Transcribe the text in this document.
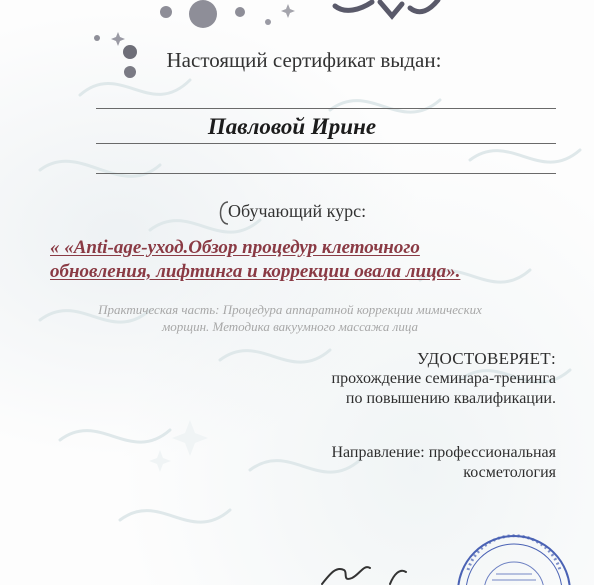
Настоящий сертификат выдан:
Павловой Ирине
Обучающий курс:
« «Anti-age-уход.Обзор процедур клеточного
обновления, лифтинга и коррекции овала лица».
Практическая часть: Процедура аппаратной коррекции мимических
морщин. Методика вакуумного массажа лица
УДОСТОВЕРЯЕТ:
прохождение семинара-тренинга
по повышению квалификации.
Направление: профессиональная
косметология
